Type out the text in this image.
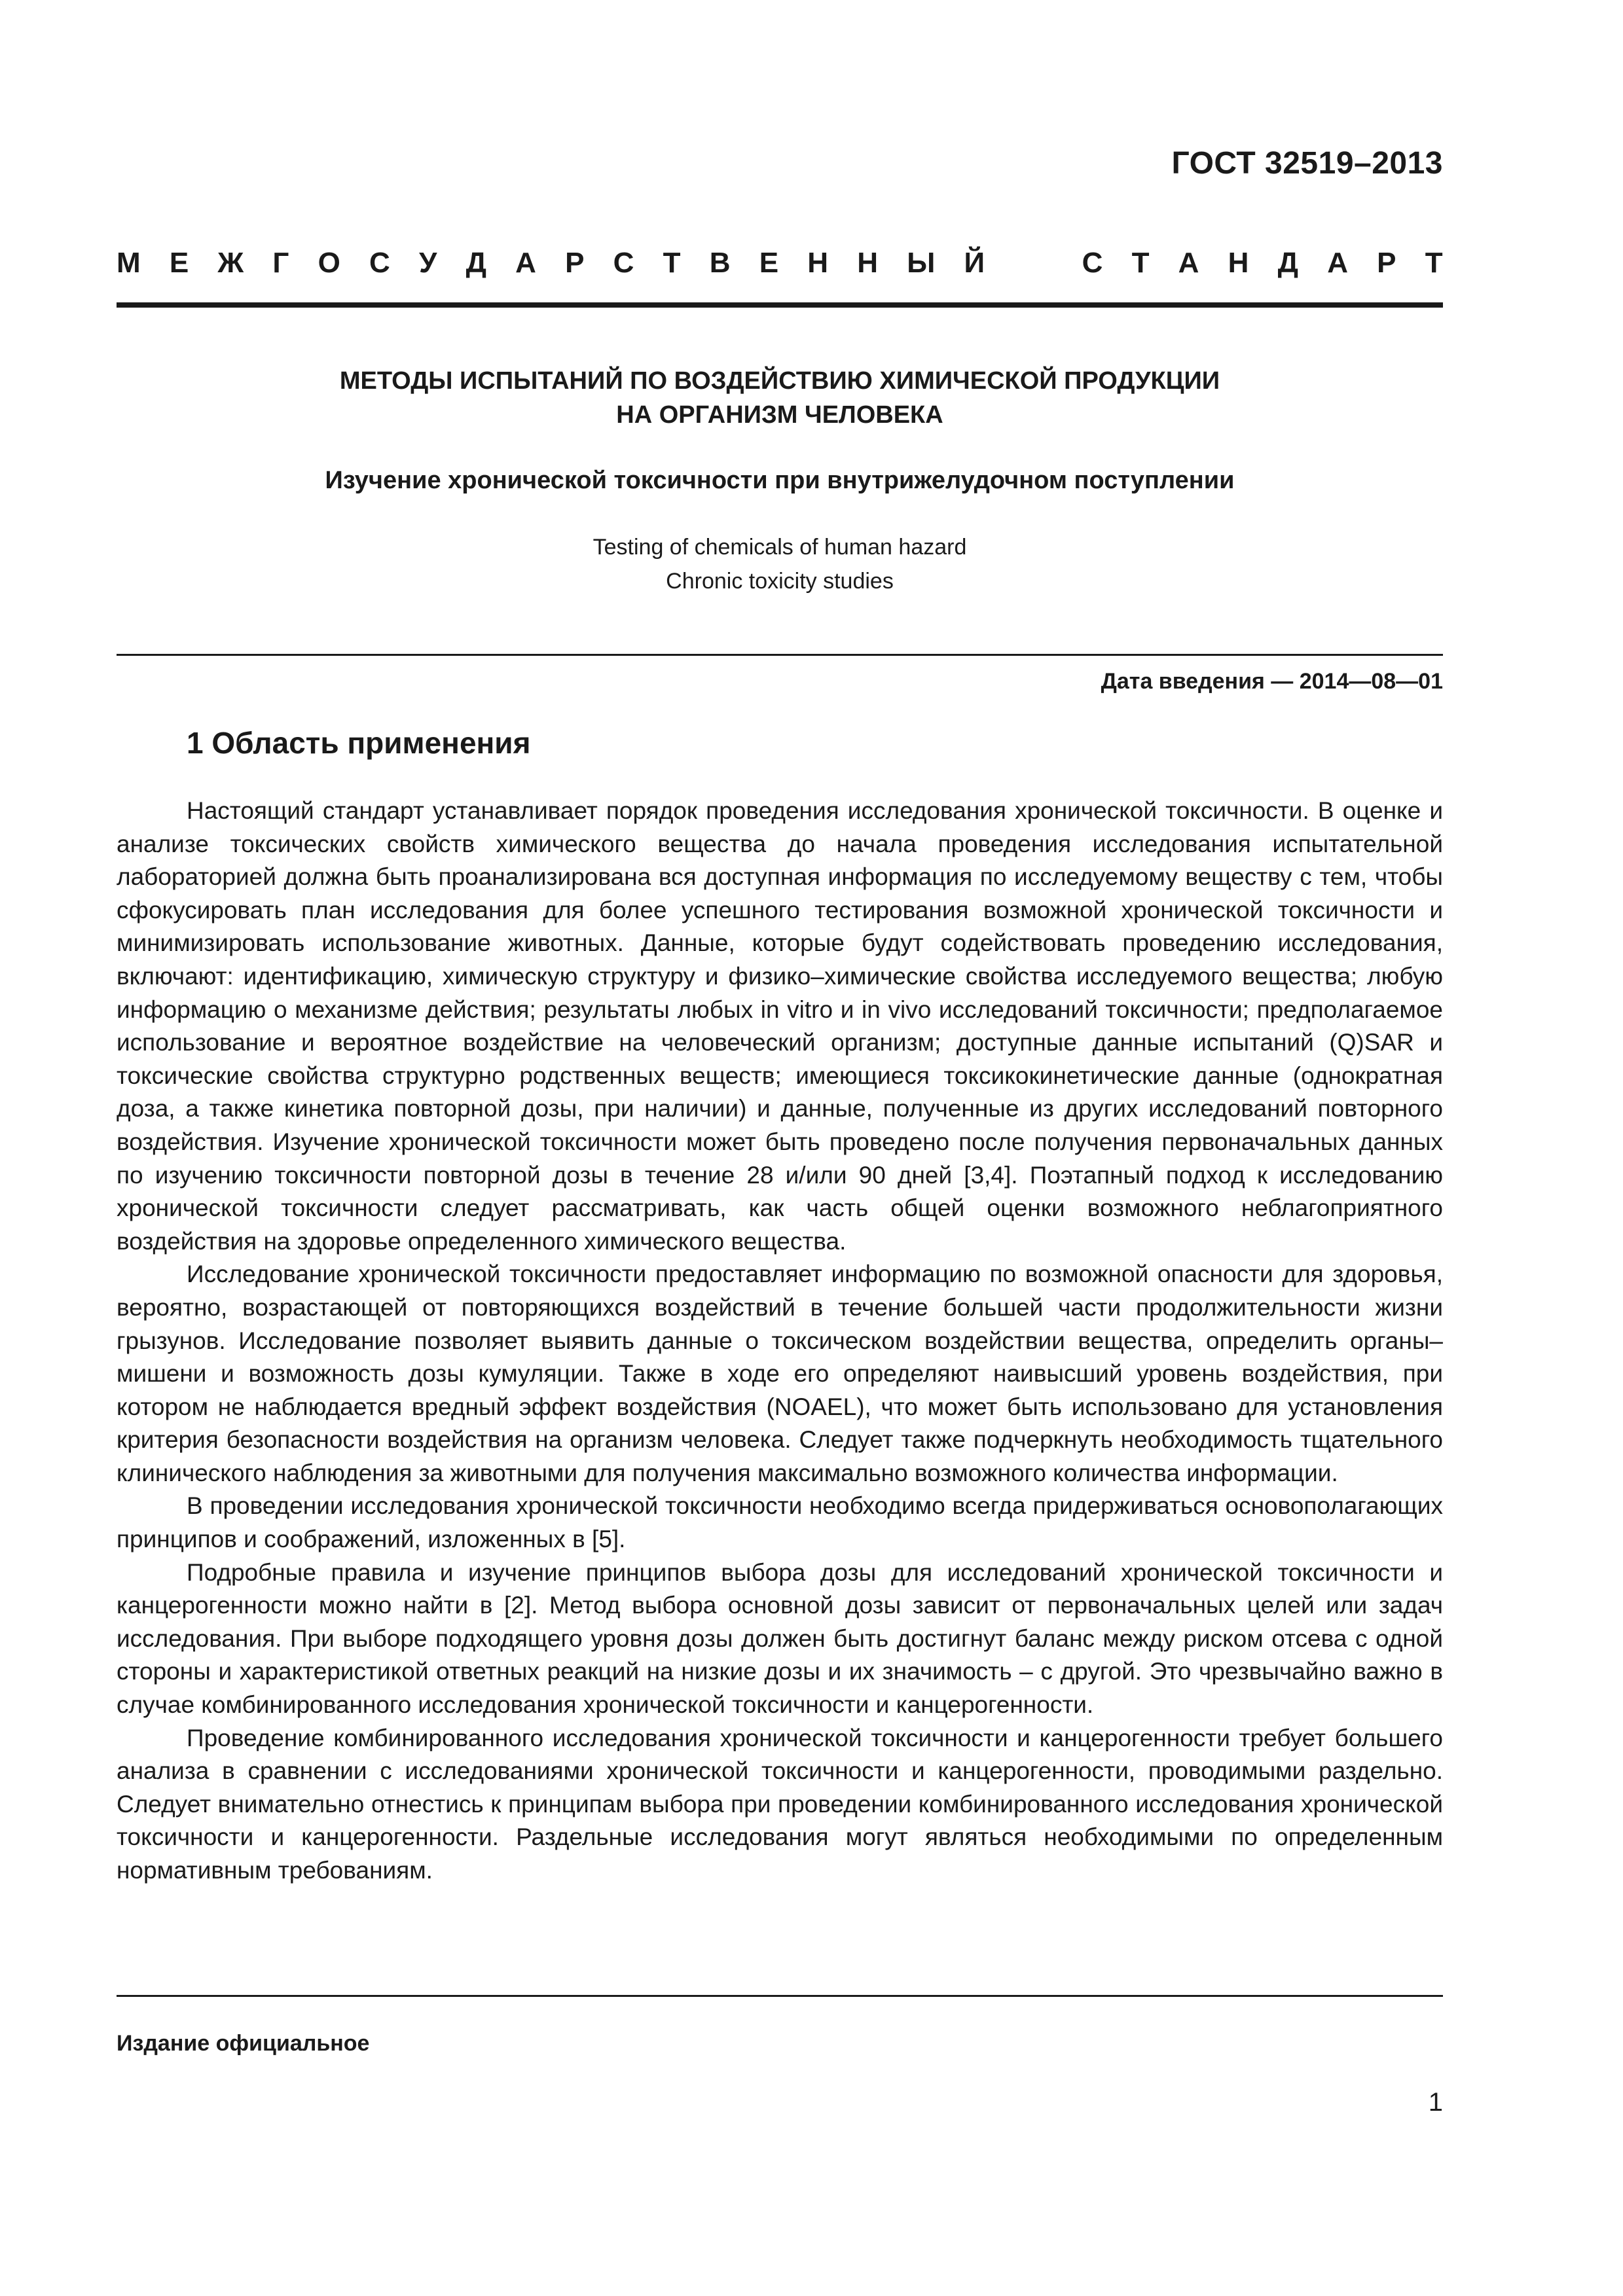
ГОСТ 32519–2013
М Е Ж Г О С У Д А Р С Т В Е Н Н Ы Й	С Т А Н Д А Р Т
МЕТОДЫ ИСПЫТАНИЙ ПО ВОЗДЕЙСТВИЮ ХИМИЧЕСКОЙ ПРОДУКЦИИ
НА ОРГАНИЗМ ЧЕЛОВЕКА
Изучение хронической токсичности при внутрижелудочном поступлении
Testing of chemicals of human hazard
Chronic toxicity studies
Дата введения — 2014—08—01
1 Область применения

Настоящий стандарт устанавливает порядок проведения исследования хронической токсичности. В оценке и анализе токсических свойств химического вещества до начала проведения исследования испытательной лабораторией должна быть проанализирована вся доступная информация по исследуемому веществу с тем, чтобы сфокусировать план исследования для более успешного тестирования возможной хронической токсичности и минимизировать использование животных. Данные, которые будут содействовать проведению исследования, включают: идентификацию, химическую структуру и физико–химические свойства исследуемого вещества; любую информацию о механизме действия; результаты любых in vitro и in vivo исследований токсичности; предполагаемое использование и вероятное воздействие на человеческий организм; доступные данные испытаний (Q)SAR и токсические свойства структурно родственных веществ; имеющиеся токсикокинетические данные (однократная доза, а также кинетика повторной дозы, при наличии) и данные, полученные из других исследований повторного воздействия. Изучение хронической токсичности может быть проведено после получения первоначальных данных по изучению токсичности повторной дозы в течение 28 и/или 90 дней [3,4]. Поэтапный подход к исследованию хронической токсичности следует рассматривать, как часть общей оценки возможного неблагоприятного воздействия на здоровье определенного химического вещества.

Исследование хронической токсичности предоставляет информацию по возможной опасности для здоровья, вероятно, возрастающей от повторяющихся воздействий в течение большей части продолжительности жизни грызунов. Исследование позволяет выявить данные о токсическом воздействии вещества, определить органы–мишени и возможность дозы кумуляции. Также в ходе его определяют наивысший уровень воздействия, при котором не наблюдается вредный эффект воздействия (NOAEL), что может быть использовано для установления критерия безопасности воздействия на организм человека. Следует также подчеркнуть необходимость тщательного клинического наблюдения за животными для получения максимально возможного количества информации.

В проведении исследования хронической токсичности необходимо всегда придерживаться основополагающих принципов и соображений, изложенных в [5].

Подробные правила и изучение принципов выбора дозы для исследований хронической токсичности и канцерогенности можно найти в [2]. Метод выбора основной дозы зависит от первоначальных целей или задач исследования. При выборе подходящего уровня дозы должен быть достигнут баланс между риском отсева с одной стороны и характеристикой ответных реакций на низкие дозы и их значимость – с другой. Это чрезвычайно важно в случае комбинированного исследования хронической токсичности и канцерогенности.

Проведение комбинированного исследования хронической токсичности и канцерогенности требует большего анализа в сравнении с исследованиями хронической токсичности и канцерогенности, проводимыми раздельно. Следует внимательно отнестись к принципам выбора при проведении комбинированного исследования хронической токсичности и канцерогенности. Раздельные исследования могут являться необходимыми по определенным нормативным требованиям.

Издание официальное
1
